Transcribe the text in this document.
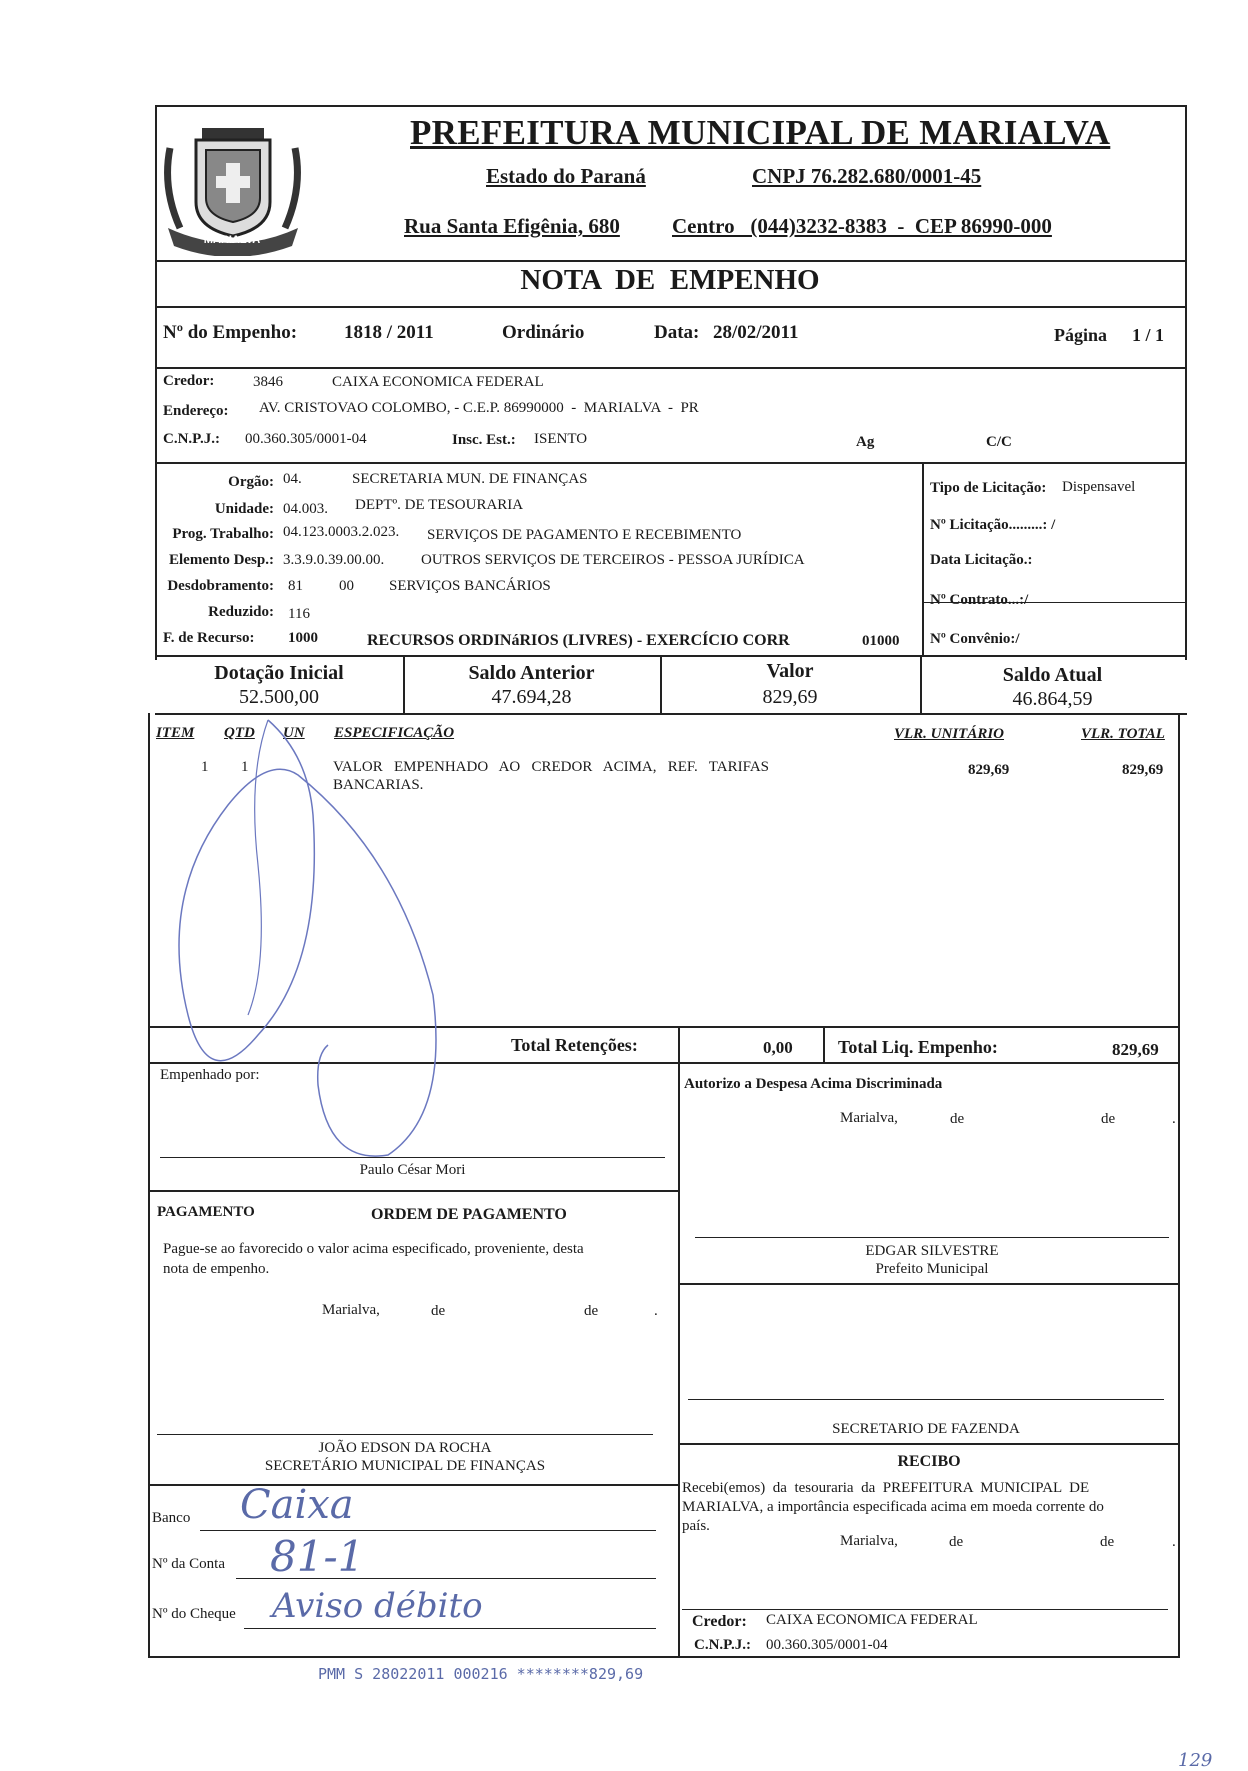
MARIALVA
PREFEITURA MUNICIPAL DE MARIALVA
Estado do Paraná	CNPJ 76.282.680/0001-45
Rua Santa Efigênia, 680 Centro   (044)3232-8383  -  CEP 86990-000
NOTA  DE  EMPENHO
Nº do Empenho: 1818 / 2011	Ordinário	Data: 28/02/2011	Página 1 / 1
Credor:	3846	CAIXA ECONOMICA FEDERAL
Endereço: AV. CRISTOVAO COLOMBO, - C.E.P. 86990000  -  MARIALVA  -  PR
C.N.P.J.: 00.360.305/0001-04	Insc. Est.: ISENTO	Ag	C/C
Orgão: 04.	SECRETARIA MUN. DE FINANÇAS
Unidade: 04.003. DEPTº. DE TESOURARIA
Prog. Trabalho: 04.123.0003.2.023. SERVIÇOS DE PAGAMENTO E RECEBIMENTO
Elemento Desp.: 3.3.9.0.39.00.00. OUTROS SERVIÇOS DE TERCEIROS - PESSOA JURÍDICA
Desdobramento: 81 00 SERVIÇOS BANCÁRIOS
Reduzido: 116
F. de Recurso: 1000	RECURSOS ORDINáRIOS (LIVRES) - EXERCÍCIO CORR	01000
Tipo de Licitação: Dispensavel
Nº Licitação.........: /
Data Licitação.:
Nº Contrato...:/
Nº Convênio:/
Dotação Inicial
52.500,00
Saldo Anterior
47.694,28
Valor
829,69
Saldo Atual
46.864,59
ITEM QTD UN ESPECIFICAÇÃO	VLR. UNITÁRIO	VLR. TOTAL
1 1	VALOR   EMPENHADO   AO   CREDOR   ACIMA,   REF.   TARIFAS
BANCARIAS.
829,69	829,69
Total Retenções:	0,00	Total Liq. Empenho:	829,69
Empenhado por:
Paulo César Mori
Autorizo a Despesa Acima Discriminada
Marialva,	de	de	.
EDGAR SILVESTRE
Prefeito Municipal
PAGAMENTO	ORDEM DE PAGAMENTO
Pague-se ao favorecido o valor acima especificado, proveniente, desta
nota de empenho.
Marialva,	de	de	.
JOÃO EDSON DA ROCHA
SECRETÁRIO MUNICIPAL DE FINANÇAS
SECRETARIO DE FAZENDA
RECIBO
Recebi(emos)  da  tesouraria  da  PREFEITURA  MUNICIPAL  DE
MARIALVA, a importância especificada acima em moeda corrente do
país.
Marialva,	de	de	.
Credor: CAIXA ECONOMICA FEDERAL
C.N.P.J.: 00.360.305/0001-04
Banco Caixa
Nº da Conta 81-1
Nº do Cheque Aviso débito
PMM S 28022011 000216 ********829,69
129
